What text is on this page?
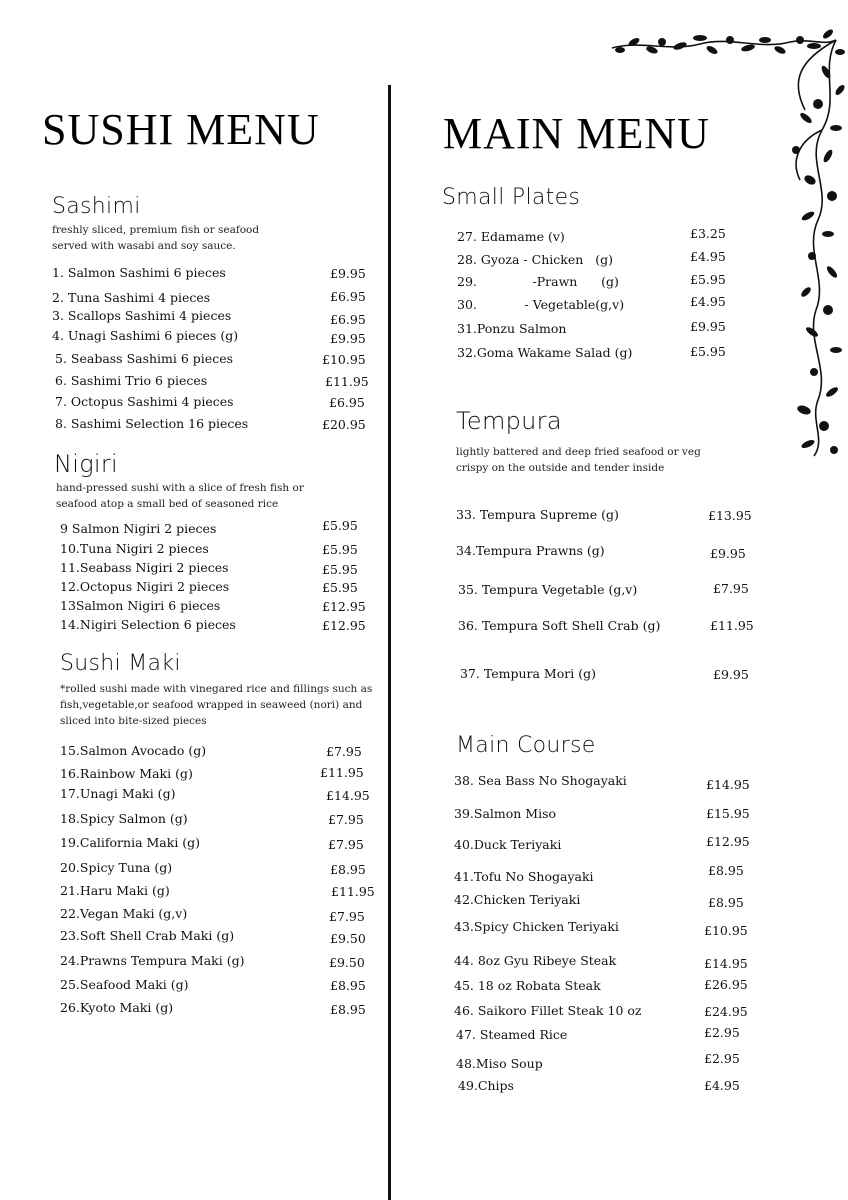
SUSHI MENU	MAIN MENU
Sashimi
freshly sliced, premium fish or seafood
served with wasabi and soy sauce.
1. Salmon Sashimi 6 pieces	£9.95
2. Tuna Sashimi 4 pieces	£6.95
3. Scallops Sashimi 4 pieces	£6.95
4. Unagi Sashimi 6 pieces (g)	£9.95
5. Seabass Sashimi 6 pieces	£10.95
6. Sashimi Trio 6 pieces	£11.95
7. Octopus Sashimi 4 pieces	£6.95
8. Sashimi Selection 16 pieces	£20.95
Nigiri
hand-pressed sushi with a slice of fresh fish or
seafood atop a small bed of seasoned rice
9 Salmon Nigiri 2 pieces	£5.95
10.Tuna Nigiri 2 pieces	£5.95
11.Seabass Nigiri 2 pieces	£5.95
12.Octopus Nigiri 2 pieces	£5.95
13Salmon Nigiri 6 pieces	£12.95
14.Nigiri Selection 6 pieces	£12.95
Sushi Maki
*rolled sushi made with vinegared rice and fillings such as
fish,vegetable,or seafood wrapped in seaweed (nori) and
sliced into bite-sized pieces
15.Salmon Avocado (g)	£7.95
16.Rainbow Maki (g)	£11.95
17.Unagi Maki (g)	£14.95
18.Spicy Salmon (g)	£7.95
19.California Maki (g)	£7.95
20.Spicy Tuna (g)	£8.95
21.Haru Maki (g)	£11.95
22.Vegan Maki (g,v)	£7.95
23.Soft Shell Crab Maki (g)	£9.50
24.Prawns Tempura Maki (g)	£9.50
25.Seafood Maki (g)	£8.95
26.Kyoto Maki (g)	£8.95
Small Plates
27. Edamame (v)	£3.25
28. Gyoza - Chicken   (g)	£4.95
29.              -Prawn      (g)	£5.95
30.            - Vegetable(g,v)	£4.95
31.Ponzu Salmon	£9.95
32.Goma Wakame Salad (g)	£5.95
Tempura
lightly battered and deep fried seafood or veg
crispy on the outside and tender inside
33. Tempura Supreme (g)	£13.95
34.Tempura Prawns (g)	£9.95
35. Tempura Vegetable (g,v)	£7.95
36. Tempura Soft Shell Crab (g)	£11.95
37. Tempura Mori (g)	£9.95
Main Course
38. Sea Bass No Shogayaki	£14.95
39.Salmon Miso	£15.95
40.Duck Teriyaki	£12.95
41.Tofu No Shogayaki	£8.95
42.Chicken Teriyaki	£8.95
43.Spicy Chicken Teriyaki	£10.95
44. 8oz Gyu Ribeye Steak	£14.95
45. 18 oz Robata Steak	£26.95
46. Saikoro Fillet Steak 10 oz	£24.95
47. Steamed Rice	£2.95
48.Miso Soup	£2.95
49.Chips	£4.95
